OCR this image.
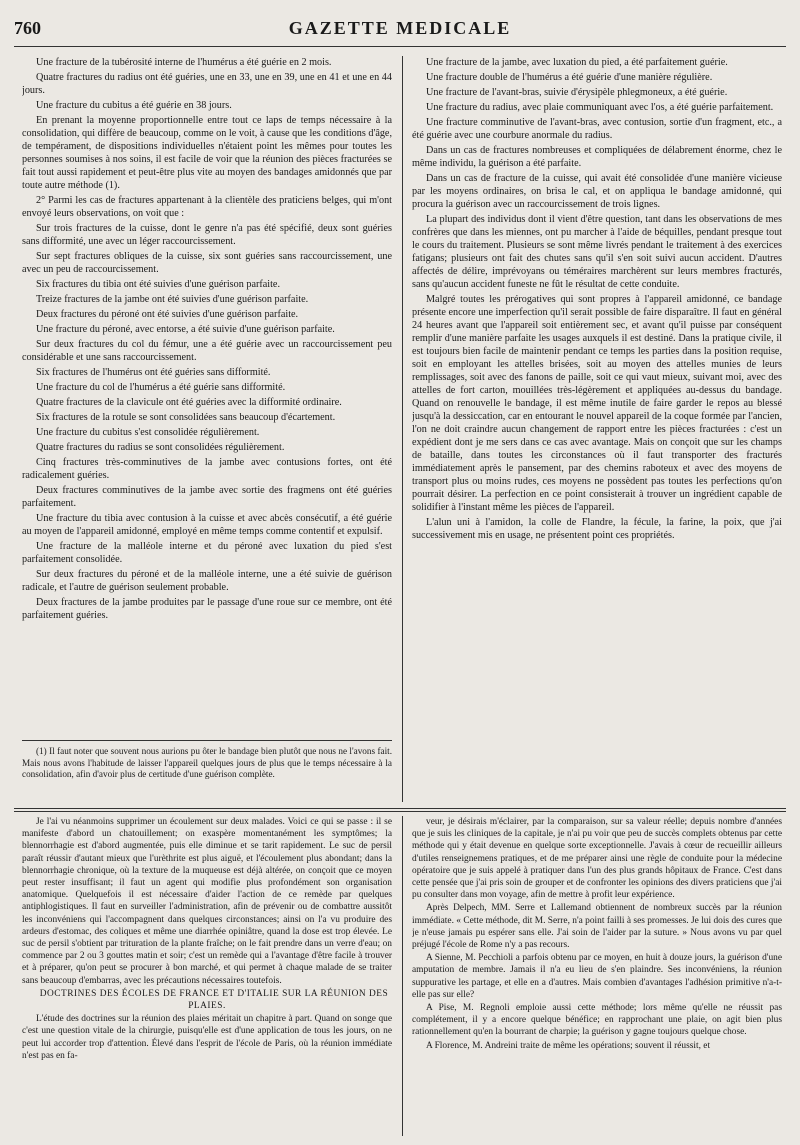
760	GAZETTE MEDICALE

Une fracture de la tubérosité interne de l'humérus a été guérie en 2 mois.

Quatre fractures du radius ont été guéries, une en 33, une en 39, une en 41 et une en 44 jours.

Une fracture du cubitus a été guérie en 38 jours.

En prenant la moyenne proportionnelle entre tout ce laps de temps nécessaire à la consolidation, qui diffère de beaucoup, comme on le voit, à cause que les conditions d'âge, de tempérament, de dispositions individuelles n'étaient point les mêmes pour toutes les personnes soumises à nos soins, il est facile de voir que la réunion des pièces fracturées se fait tout aussi rapidement et peut-être plus vite au moyen des bandages amidonnés que par toute autre méthode (1).

2° Parmi les cas de fractures appartenant à la clientèle des praticiens belges, qui m'ont envoyé leurs observations, on voit que :

Sur trois fractures de la cuisse, dont le genre n'a pas été spécifié, deux sont guéries sans difformité, une avec un léger raccourcissement.

Sur sept fractures obliques de la cuisse, six sont guéries sans raccourcissement, une avec un peu de raccourcissement.

Six fractures du tibia ont été suivies d'une guérison parfaite.

Treize fractures de la jambe ont été suivies d'une guérison parfaite.

Deux fractures du péroné ont été suivies d'une guérison parfaite.

Une fracture du péroné, avec entorse, a été suivie d'une guérison parfaite.

Sur deux fractures du col du fémur, une a été guérie avec un raccourcissement peu considérable et une sans raccourcissement.

Six fractures de l'humérus ont été guéries sans difformité.

Une fracture du col de l'humérus a été guérie sans difformité.

Quatre fractures de la clavicule ont été guéries avec la difformité ordinaire.

Six fractures de la rotule se sont consolidées sans beaucoup d'écartement.

Une fracture du cubitus s'est consolidée régulièrement.

Quatre fractures du radius se sont consolidées régulièrement.

Cinq fractures très-comminutives de la jambe avec contusions fortes, ont été radicalement guéries.

Deux fractures comminutives de la jambe avec sortie des fragmens ont été guéries parfaitement.

Une fracture du tibia avec contusion à la cuisse et avec abcès consécutif, a été guérie au moyen de l'appareil amidonné, employé en même temps comme contentif et expulsif.

Une fracture de la malléole interne et du péroné avec luxation du pied s'est parfaitement consolidée.

Sur deux fractures du péroné et de la malléole interne, une a été suivie de guérison radicale, et l'autre de guérison seulement probable.

Deux fractures de la jambe produites par le passage d'une roue sur ce membre, ont été parfaitement guéries.

(1) Il faut noter que souvent nous aurions pu ôter le bandage bien plutôt que nous ne l'avons fait. Mais nous avons l'habitude de laisser l'appareil quelques jours de plus que le temps nécessaire à la consolidation, afin d'avoir plus de certitude d'une guérison complète.

Une fracture de la jambe, avec luxation du pied, a été parfaitement guérie.

Une fracture double de l'humérus a été guérie d'une manière régulière.

Une fracture de l'avant-bras, suivie d'érysipèle phlegmoneux, a été guérie.

Une fracture du radius, avec plaie communiquant avec l'os, a été guérie parfaitement.

Une fracture comminutive de l'avant-bras, avec contusion, sortie d'un fragment, etc., a été guérie avec une courbure anormale du radius.

Dans un cas de fractures nombreuses et compliquées de délabrement énorme, chez le même individu, la guérison a été parfaite.

Dans un cas de fracture de la cuisse, qui avait été consolidée d'une manière vicieuse par les moyens ordinaires, on brisa le cal, et on appliqua le bandage amidonné, qui procura la guérison avec un raccourcissement de trois lignes.

La plupart des individus dont il vient d'être question, tant dans les observations de mes confrères que dans les miennes, ont pu marcher à l'aide de béquilles, pendant presque tout le cours du traitement. Plusieurs se sont même livrés pendant le traitement à des exercices fatigans; plusieurs ont fait des chutes sans qu'il s'en soit suivi aucun accident. D'autres affectés de délire, imprévoyans ou téméraires marchèrent sur leurs membres fracturés, sans qu'aucun accident funeste ne fût le résultat de cette conduite.

Malgré toutes les prérogatives qui sont propres à l'appareil amidonné, ce bandage présente encore une imperfection qu'il serait possible de faire disparaître. Il faut en général 24 heures avant que l'appareil soit entièrement sec, et avant qu'il puisse par conséquent remplir d'une manière parfaite les usages auxquels il est destiné. Dans la pratique civile, il est toujours bien facile de maintenir pendant ce temps les parties dans la position requise, soit en employant les attelles brisées, soit au moyen des attelles munies de leurs remplissages, soit avec des fanons de paille, soit ce qui vaut mieux, suivant moi, avec des attelles de fort carton, mouillées très-légèrement et appliquées au-dessus du bandage. Quand on renouvelle le bandage, il est même inutile de faire garder le repos au blessé jusqu'à la dessiccation, car en entourant le nouvel appareil de la coque formée par l'ancien, l'on ne doit craindre aucun changement de rapport entre les pièces fracturées : c'est un expédient dont je me sers dans ce cas avec avantage. Mais on conçoit que sur les champs de bataille, dans toutes les circonstances où il faut transporter des fracturés immédiatement après le pansement, par des chemins raboteux et avec des moyens de transport plus ou moins rudes, ces moyens ne possèdent pas toutes les perfections qu'on pourrait désirer. La perfection en ce point consisterait à trouver un ingrédient capable de solidifier à l'instant même les pièces de l'appareil.

L'alun uni à l'amidon, la colle de Flandre, la fécule, la farine, la poix, que j'ai successivement mis en usage, ne présentent point ces propriétés.

Je l'ai vu néanmoins supprimer un écoulement sur deux malades. Voici ce qui se passe : il se manifeste d'abord un chatouillement; on exaspère momentanément les symptômes; la blennorrhagie est d'abord augmentée, puis elle diminue et se tarit rapidement. Le suc de persil paraît réussir d'autant mieux que l'urèthrite est plus aiguë, et l'écoulement plus abondant; dans la blennorrhagie chronique, où la texture de la muqueuse est déjà altérée, on conçoit que ce moyen peut rester insuffisant; il faut un agent qui modifie plus profondément son organisation anatomique. Quelquefois il est nécessaire d'aider l'action de ce remède par quelques antiphlogistiques. Il faut en surveiller l'administration, afin de prévenir ou de combattre aussitôt les inconvéniens qui l'accompagnent dans quelques circonstances; ainsi on l'a vu produire des ardeurs d'estomac, des coliques et même une diarrhée opiniâtre, quand la dose est trop élevée. Le suc de persil s'obtient par trituration de la plante fraîche; on le fait prendre dans un verre d'eau; on commence par 2 ou 3 gouttes matin et soir; c'est un remède qui a l'avantage d'être facile à trouver et à préparer, qu'on peut se procurer à bon marché, et qui permet à chaque malade de se traiter sans beaucoup d'embarras, avec les précautions nécessaires toutefois.

DOCTRINES DES ÉCOLES DE FRANCE ET D'ITALIE SUR LA RÉUNION DES PLAIES.

L'étude des doctrines sur la réunion des plaies méritait un chapitre à part. Quand on songe que c'est une question vitale de la chirurgie, puisqu'elle est d'une application de tous les jours, on ne peut lui accorder trop d'attention. Élevé dans l'esprit de l'école de Paris, où la réunion immédiate n'est pas en fa-

veur, je désirais m'éclairer, par la comparaison, sur sa valeur réelle; depuis nombre d'années que je suis les cliniques de la capitale, je n'ai pu voir que peu de succès complets obtenus par cette méthode qui y était devenue en quelque sorte exceptionnelle. J'avais à cœur de recueillir ailleurs d'utiles renseignemens pratiques, et de me préparer ainsi une règle de conduite pour la médecine opératoire que je suis appelé à pratiquer dans l'un des plus grands hôpitaux de France. C'est dans cette pensée que j'ai pris soin de grouper et de confronter les opinions des divers praticiens que j'ai pu consulter dans mon voyage, afin de mettre à profit leur expérience.

Après Delpech, MM. Serre et Lallemand obtiennent de nombreux succès par la réunion immédiate. « Cette méthode, dit M. Serre, n'a point failli à ses promesses. Je lui dois des cures que je n'euse jamais pu espérer sans elle. J'ai soin de l'aider par la suture. » Nous avons vu par quel préjugé l'école de Rome n'y a pas recours.

A Sienne, M. Pecchioli a parfois obtenu par ce moyen, en huit à douze jours, la guérison d'une amputation de membre. Jamais il n'a eu lieu de s'en plaindre. Ses inconvéniens, la réunion suppurative les partage, et elle en a d'autres. Mais combien d'avantages l'adhésion primitive n'a-t-elle pas sur elle?

A Pise, M. Regnoli emploie aussi cette méthode; lors même qu'elle ne réussit pas complétement, il y a encore quelque bénéfice; en rapprochant une plaie, on agit bien plus rationnellement qu'en la bourrant de charpie; la guérison y gagne toujours quelque chose.

A Florence, M. Andreini traite de même les opérations; souvent il réussit, et
